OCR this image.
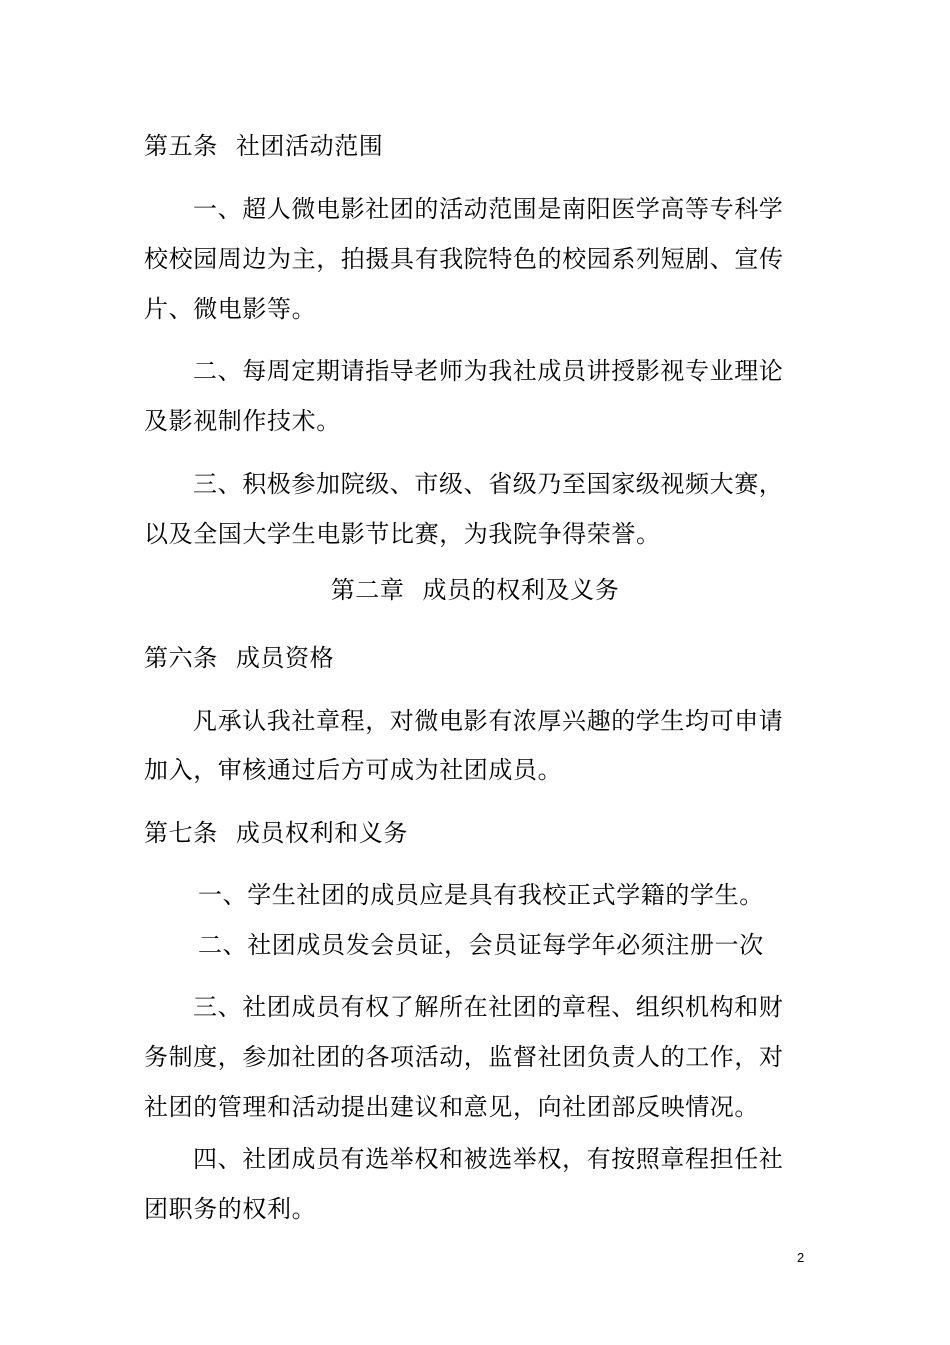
第五条 社团活动范围
一、超人微电影社团的活动范围是南阳医学高等专科学
校校园周边为主，拍摄具有我院特色的校园系列短剧、宣传
片、微电影等。
二、每周定期请指导老师为我社成员讲授影视专业理论
及影视制作技术。
三、积极参加院级、市级、省级乃至国家级视频大赛，
以及全国大学生电影节比赛，为我院争得荣誉。
第二章 成员的权利及义务
第六条 成员资格
凡承认我社章程，对微电影有浓厚兴趣的学生均可申请
加入，审核通过后方可成为社团成员。
第七条 成员权利和义务
一、学生社团的成员应是具有我校正式学籍的学生。
二、社团成员发会员证，会员证每学年必须注册一次
三、社团成员有权了解所在社团的章程、组织机构和财
务制度，参加社团的各项活动，监督社团负责人的工作，对
社团的管理和活动提出建议和意见，向社团部反映情况。
四、社团成员有选举权和被选举权，有按照章程担任社
团职务的权利。
2
